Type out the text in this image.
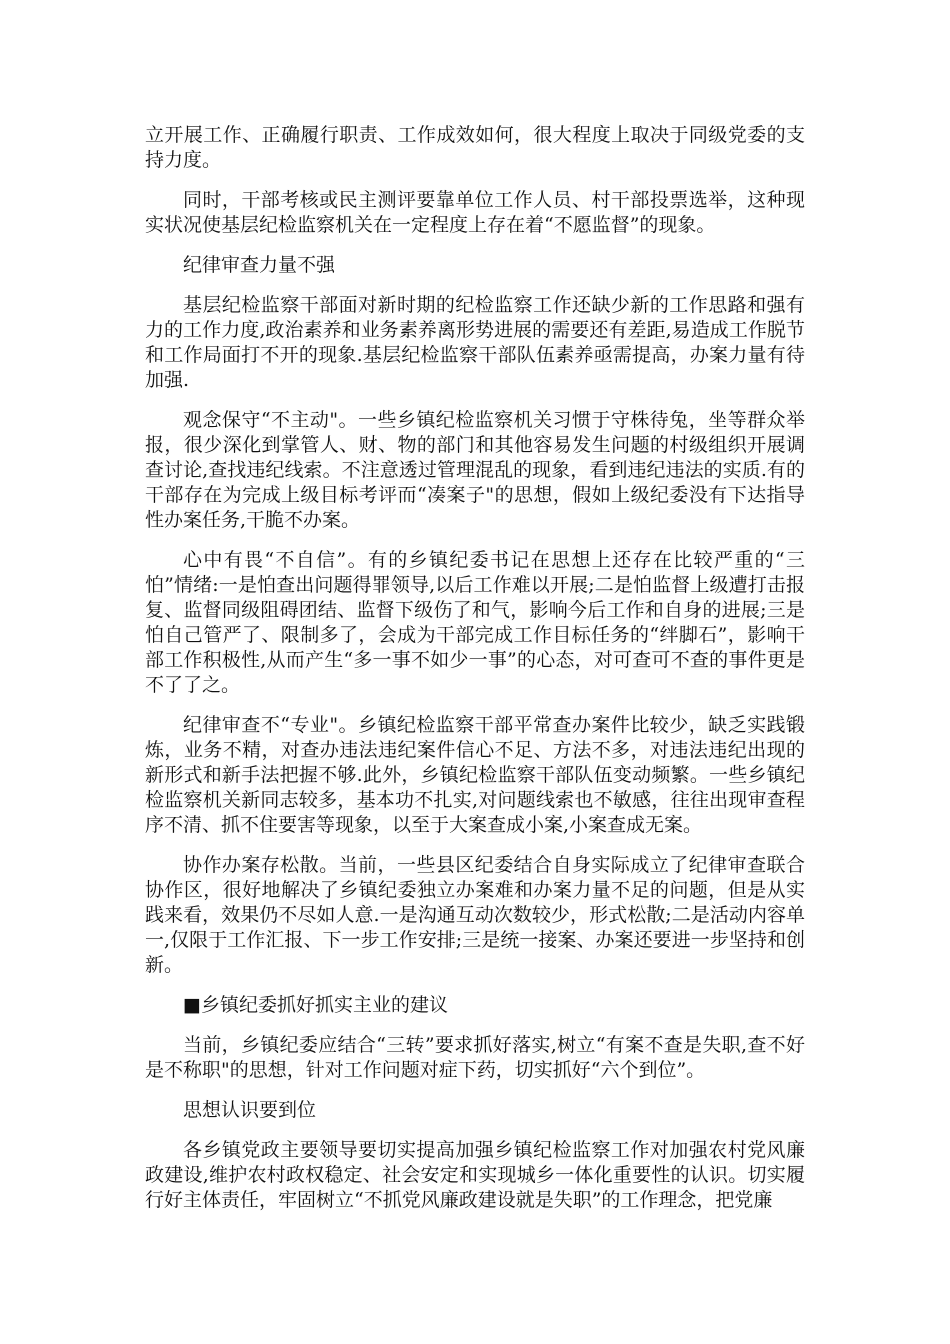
立开展工作、正确履行职责、工作成效如何，很大程度上取决于同级党委的支持力度。

同时，干部考核或民主测评要靠单位工作人员、村干部投票选举，这种现实状况使基层纪检监察机关在一定程度上存在着“不愿监督”的现象。

纪律审查力量不强

基层纪检监察干部面对新时期的纪检监察工作还缺少新的工作思路和强有力的工作力度,政治素养和业务素养离形势进展的需要还有差距,易造成工作脱节和工作局面打不开的现象.基层纪检监察干部队伍素养亟需提高，办案力量有待加强.

观念保守“不主动"。一些乡镇纪检监察机关习惯于守株待兔，坐等群众举报，很少深化到掌管人、财、物的部门和其他容易发生问题的村级组织开展调查讨论,查找违纪线索。不注意透过管理混乱的现象，看到违纪违法的实质.有的干部存在为完成上级目标考评而“凑案子"的思想，假如上级纪委没有下达指导性办案任务,干脆不办案。

心中有畏“不自信”。有的乡镇纪委书记在思想上还存在比较严重的“三怕”情绪:一是怕查出问题得罪领导,以后工作难以开展;二是怕监督上级遭打击报复、监督同级阻碍团结、监督下级伤了和气，影响今后工作和自身的进展;三是怕自己管严了、限制多了，会成为干部完成工作目标任务的“绊脚石”，影响干部工作积极性,从而产生“多一事不如少一事”的心态，对可查可不查的事件更是不了了之。

纪律审查不“专业"。乡镇纪检监察干部平常查办案件比较少，缺乏实践锻炼，业务不精，对查办违法违纪案件信心不足、方法不多，对违法违纪出现的新形式和新手法把握不够.此外，乡镇纪检监察干部队伍变动频繁。一些乡镇纪检监察机关新同志较多，基本功不扎实,对问题线索也不敏感，往往出现审查程序不清、抓不住要害等现象，以至于大案查成小案,小案查成无案。

协作办案存松散。当前，一些县区纪委结合自身实际成立了纪律审查联合协作区，很好地解决了乡镇纪委独立办案难和办案力量不足的问题，但是从实践来看，效果仍不尽如人意.一是沟通互动次数较少，形式松散;二是活动内容单一,仅限于工作汇报、下一步工作安排;三是统一接案、办案还要进一步坚持和创新。

■乡镇纪委抓好抓实主业的建议

当前，乡镇纪委应结合“三转”要求抓好落实,树立“有案不查是失职,查不好是不称职"的思想，针对工作问题对症下药，切实抓好“六个到位”。

思想认识要到位

各乡镇党政主要领导要切实提高加强乡镇纪检监察工作对加强农村党风廉政建设,维护农村政权稳定、社会安定和实现城乡一体化重要性的认识。切实履行好主体责任，牢固树立“不抓党风廉政建设就是失职”的工作理念，把党廉
